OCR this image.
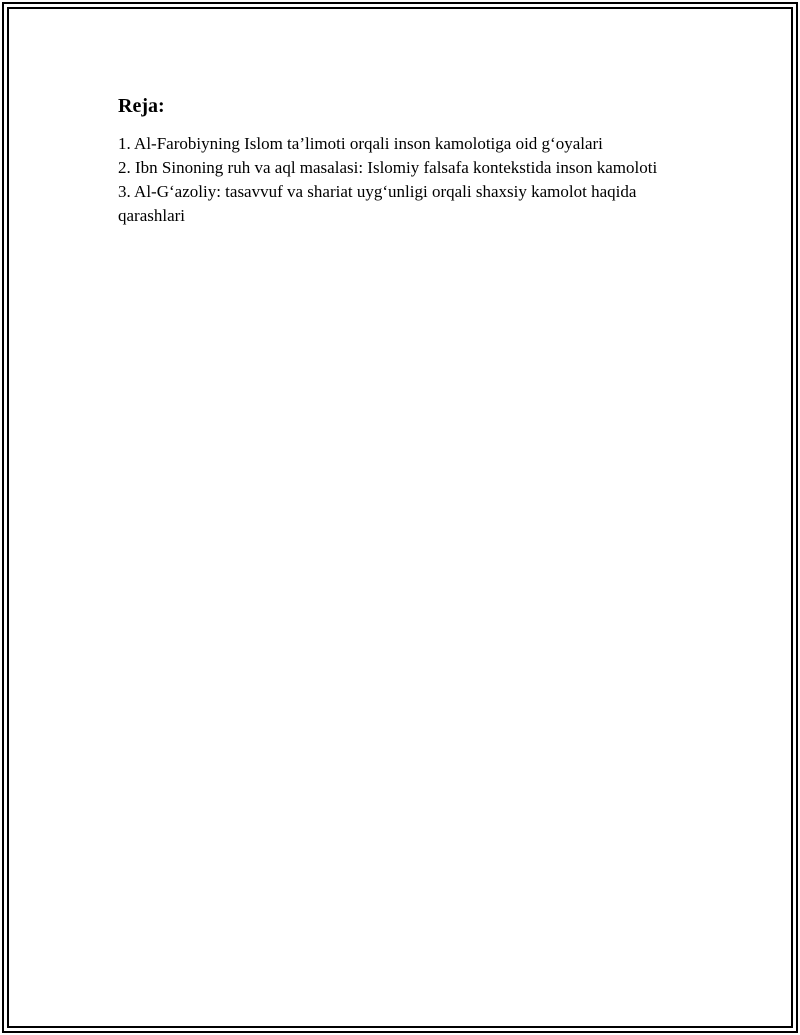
Reja:
1. Al-Farobiyning Islom ta’limoti orqali inson kamolotiga oid g‘oyalari
2. Ibn Sinoning ruh va aql masalasi: Islomiy falsafa kontekstida inson kamoloti
3. Al-G‘azoliy: tasavvuf va shariat uyg‘unligi orqali shaxsiy kamolot haqida qarashlari
